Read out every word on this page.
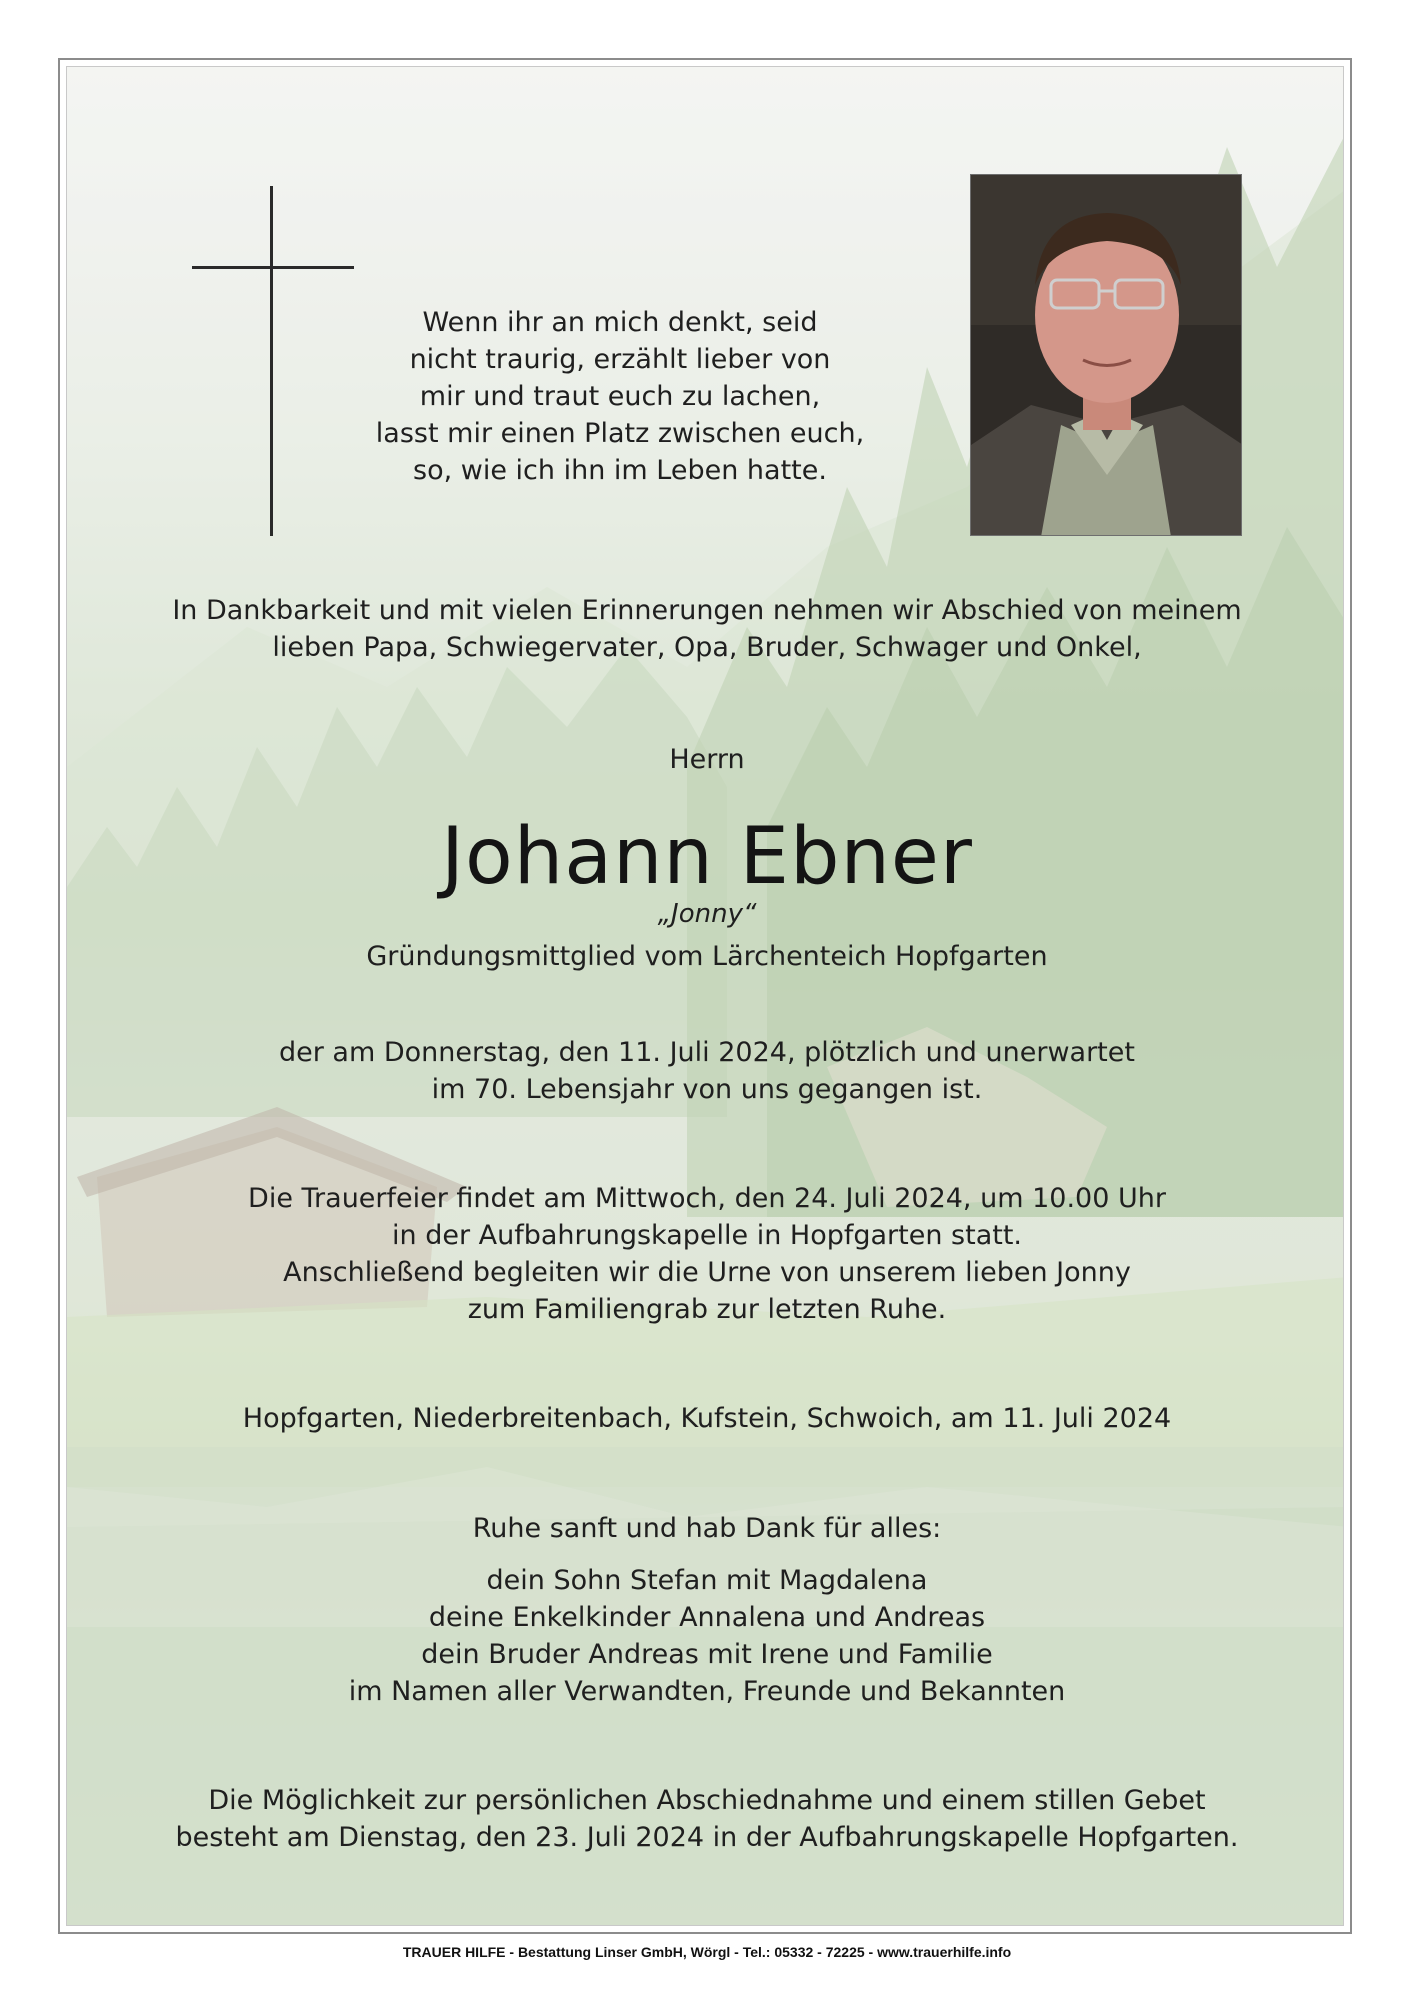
Wenn ihr an mich denkt, seid
nicht traurig, erzählt lieber von
mir und traut euch zu lachen,
lasst mir einen Platz zwischen euch,
so, wie ich ihn im Leben hatte.
In Dankbarkeit und mit vielen Erinnerungen nehmen wir Abschied von meinem
lieben Papa, Schwiegervater, Opa, Bruder, Schwager und Onkel,
Herrn
Johann Ebner
„Jonny“
Gründungsmittglied vom Lärchenteich Hopfgarten
der am Donnerstag, den 11. Juli 2024, plötzlich und unerwartet
im 70. Lebensjahr von uns gegangen ist.
Die Trauerfeier findet am Mittwoch, den 24. Juli 2024, um 10.00 Uhr
in der Aufbahrungskapelle in Hopfgarten statt.
Anschließend begleiten wir die Urne von unserem lieben Jonny
zum Familiengrab zur letzten Ruhe.
Hopfgarten, Niederbreitenbach, Kufstein, Schwoich, am 11. Juli 2024
Ruhe sanft und hab Dank für alles:
dein Sohn Stefan mit Magdalena
deine Enkelkinder Annalena und Andreas
dein Bruder Andreas mit Irene und Familie
im Namen aller Verwandten, Freunde und Bekannten
Die Möglichkeit zur persönlichen Abschiednahme und einem stillen Gebet
besteht am Dienstag, den 23. Juli 2024 in der Aufbahrungskapelle Hopfgarten.
TRAUER HILFE - Bestattung Linser GmbH, Wörgl - Tel.: 05332 - 72225 - www.trauerhilfe.info
